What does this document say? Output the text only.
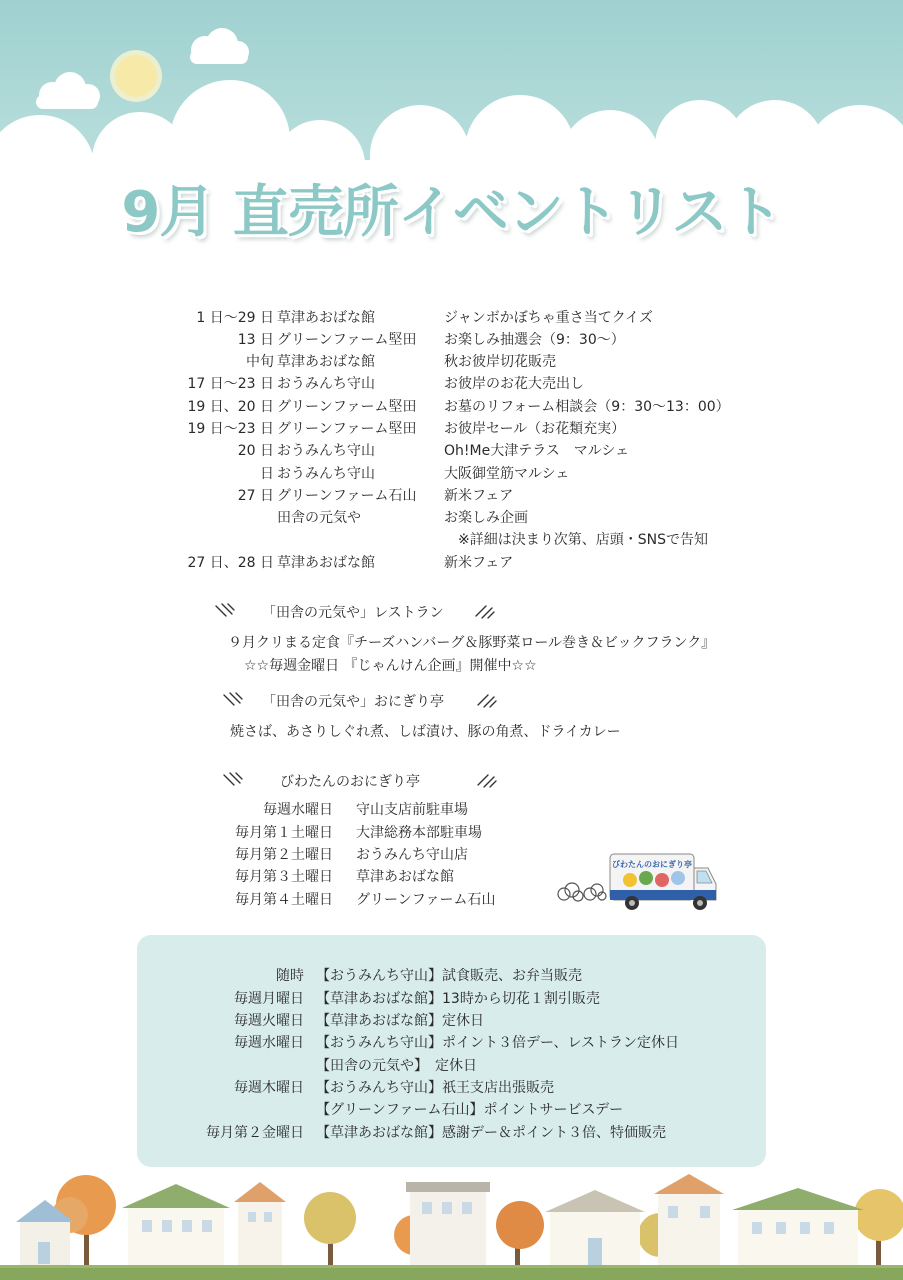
9月 直売所イベントリスト
1 日～29 日 草津あおばな館	ジャンボかぼちゃ重さ当てクイズ
13 日 グリーンファーム堅田 お楽しみ抽選会（9：30～）
中旬 草津あおばな館	秋お彼岸切花販売
17 日～23 日 おうみんち守山	お彼岸のお花大売出し
19 日、20 日 グリーンファーム堅田 お墓のリフォーム相談会（9：30～13：00）
19 日～23 日 グリーンファーム堅田 お彼岸セール（お花類充実）
20 日 おうみんち守山	Oh!Me大津テラス　マルシェ
日 おうみんち守山	大阪御堂筋マルシェ
27 日 グリーンファーム石山 新米フェア
田舎の元気や	お楽しみ企画
　※詳細は決まり次第、店頭・SNSで告知
27 日、28 日 草津あおばな館	新米フェア
「田舎の元気や」レストラン
９月クリまる定食『チーズハンバーグ＆豚野菜ロール巻き＆ビックフランク』
☆☆毎週金曜日 『じゃんけん企画』開催中☆☆
「田舎の元気や」おにぎり亭
焼さば、あさりしぐれ煮、しば漬け、豚の角煮、ドライカレー
びわたんのおにぎり亭
毎週水曜日 守山支店前駐車場
毎月第１土曜日 大津総務本部駐車場
毎月第２土曜日 おうみんち守山店
毎月第３土曜日 草津あおばな館
毎月第４土曜日 グリーンファーム石山
びわたんのおにぎり亭
随時 【おうみんち守山】試食販売、お弁当販売
毎週月曜日 【草津あおばな館】13時から切花１割引販売
毎週火曜日 【草津あおばな館】定休日
毎週水曜日 【おうみんち守山】ポイント３倍デー、レストラン定休日
【田舎の元気や】　定休日
毎週木曜日 【おうみんち守山】祇王支店出張販売
【グリーンファーム石山】ポイントサービスデー
毎月第２金曜日 【草津あおばな館】感謝デー＆ポイント３倍、特価販売
